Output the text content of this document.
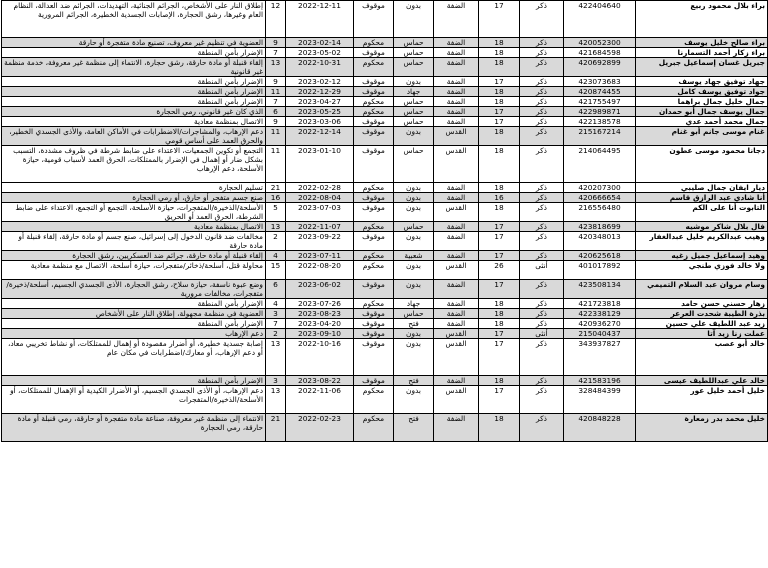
براء بلال محمود ربيع	422404640	ذكر	17	الضفة	بدون	موقوف	2022-12-11	12	إطلاق النار على الأشخاص، الجرائم الجنائية، التهديدات، الجرائم ضد العدالة، النظام العام وغيرها، رشق الحجارة، الإصابات الجسدية الخطيرة، الجرائم المرورية
براء صالح خليل يوسف	420052300	ذكر	18	الضفة	حماس	محكوم	2023-02-14	9	العضوية في تنظيم غير معروف، تصنيع مادة متفجرة أو حارقة
براء زكار أحمد التسمارنا	421684598	ذكر	18	الضفة	حماس	موقوف	2023-05-02	7	الإضرار بأمن المنطقة
جبريل غسان إسماعيل جبريل	420692899	ذكر	18	الضفة	حماس	محكوم	2022-10-31	13	إلقاء قنبلة أو مادة حارقة، رشق حجارة، الانتماء إلى منظمة غير معروفة، خدمة منظمة غير قانونية
جهاد توفيق جهاد يوسف	423073683	ذكر	17	الضفة	بدون	موقوف	2023-02-12	9	الإضرار بأمن المنطقة
جواد توفيق يوسف كامل	420874455	ذكر	18	الضفة	جهاد	موقوف	2022-12-29	11	الإضرار بأمن المنطقة
جمال خليل جمال براهما	421755497	ذكر	18	الضفة	حماس	محكوم	2023-04-27	7	الإضرار بأمن المنطقة
جمال يوسف جمال أبو حمدان	422989871	ذكر	17	الضفة	حماس	محكوم	2023-05-25	6	الذي كان غير قانوني، رمي الحجارة
جمال محمد أحمد عدي	422138578	ذكر	17	الضفة	حماس	موقوف	2023-03-06	9	الاتصال بمنظمة معادية
غنام موسى جانم أبو غنام	215167214	ذكر	18	القدس	بدون	موقوف	2022-12-14	11	دعم الإرهاب، والمشاجرات/الاضطرابات في الأماكن العامة، والأذى الجسدي الخطير، والحرق العمد على أساس قومي
دجانا محمود موسى عطون	214064495	ذكر	18	القدس	حماس	موقوف	2023-01-10	11	التجمع أو تكوين الجمعيات، الاعتداء على ضابط شرطة في ظروف مشددة، التسبب بشكل ضار أو إهمال في الإضرار بالممتلكات، الحرق العمد لأسباب قومية، حيازة الأسلحة، دعم الإرهاب
ديار ايفان جمال صليبي	420207300	ذكر	18	الضفة	بدون	محكوم	2022-02-28	21	تسليم الحجارة
أنا شادي عبد الرازق قاسم	420666654	ذكر	16	الضفة	بدون	موقوف	2022-08-04	16	صنع جسم متفجر أو حارق، أو رمي الحجارة
التابوت أنا على الكم	216556480	ذكر	18	القدس	بدون	موقوف	2023-07-03	5	الأسلحة/الذخيرة/المتفجرات، حيازة الأسلحة، التجمع أو التجمع، الاعتداء على ضابط الشرطة، الحرق العمد أو الحريق
فال بلال شاكر موشيه	423818699	ذكر	17	الضفة	حماس	محكوم	2022-11-07	13	الاتصال بمنظمة معادية
وهيب عبدالكريم خليل عبدالغفار	420348013	ذكر	17	الضفة	بدون	موقوف	2023-09-22	2	مخالفات ضد قانون الدخول إلى إسرائيل، صنع جسم أو مادة حارقة، إلقاء قنبلة أو مادة حارقة
وهيد إسماعيل جميل زغيه	420625618	ذكر	17	الضفة	شعبية	محكوم	2023-07-11	4	إلقاء قنبلة أو مادة حارقة، جرائم ضد العسكريين، رشق الحجارة
ولا خالد فوزي طنجي	401017892	أنثى	26	القدس	بدون	محكوم	2022-08-20	15	محاولة قتل، أسلحة/ذخائر/متفجرات، حيازة أسلحة، الاتصال مع منظمة معادية
وسام مروان عبد السلام التميمي	423508134	ذكر	17	الضفة	بدون	موقوف	2023-06-02	6	وضع عبوة ناسفة، حيازة سلاح، رشق الحجارة، الأذى الجسدي الجسيم، أسلحة/ذخيرة/متفجرات، مخالفات مرورية
زهار حسني حسن حامد	421723818	ذكر	18	الضفة	جهاد	محكوم	2023-07-26	4	الإضرار بأمن المنطقة
بذرة الطيبة شحدت العرعر	422338129	ذكر	18	الضفة	حماس	موقوف	2023-08-23	3	العضوية في منظمة مجهولة، إطلاق النار على الأشخاص
زيد عبد اللطيف علي حسين	420936270	ذكر	18	الضفة	فتح	موقوف	2023-04-20	7	الإضرار بأمن المنطقة
عملت زنا زيد آتا	215040437	أنثى	17	القدس	بدون	موقوف	2023-09-10	2	دعم الإرهاب
خالد أبو عصب	343937827	ذكر	17	القدس	بدون	موقوف	2022-10-16	13	إصابة جسدية خطيرة، أو أضرار مقصودة أو إهمال للممتلكات، أو نشاط تخريبي معاد، أو دعم الإرهاب، أو معارك/اضطرابات في مكان عام
خالد علي عبداللطيف عيسى	421583196	ذكر	18	الضفة	فتح	موقوف	2023-08-22	3	الإضرار بأمن المنطقة
خليل أحمد خليل عور	328484399	ذكر	17	القدس	بدون	محكوم	2022-11-06	13	دعم الإرهاب، أو الأذى الجسدي الجسيم، أو الأضرار الكيدية أو الإهمال للممتلكات، أو الأسلحة/الذخيرة/المتفجرات
خليل محمد بدر زمعارة	420848228	ذكر	18	الضفة	فتح	محكوم	2022-02-23	21	الانتماء إلى منظمة غير معروفة، صناعة مادة متفجرة أو حارقة، رمي قنبلة أو مادة حارقة، رمي الحجارة
